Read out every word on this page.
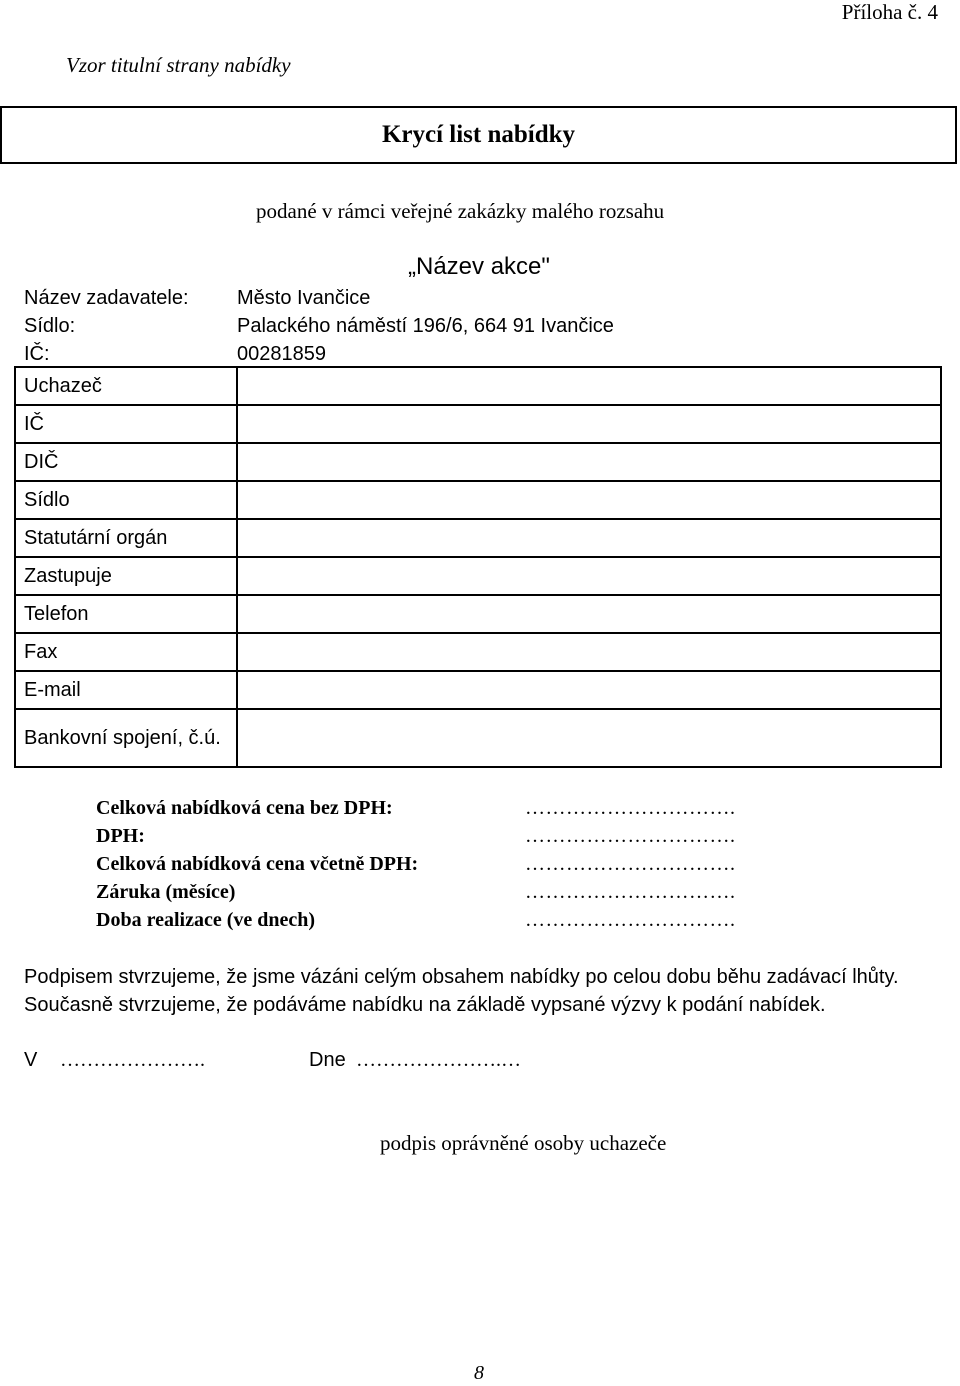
Příloha č. 4
Vzor titulní strany nabídky
Krycí list nabídky
podané v rámci veřejné zakázky malého rozsahu
„Název akce"
Název zadavatele: Město Ivančice
Sídlo:	Palackého náměstí 196/6, 664 91 Ivančice
IČ:	00281859
Uchazeč	
IČ	
DIČ	
Sídlo	
Statutární orgán	
Zastupuje	
Telefon	
Fax	
E-mail	
Bankovní spojení, č.ú.	
Celková nabídková cena bez DPH:	………………………….
DPH:	………………………….
Celková nabídková cena včetně DPH:	………………………….
Záruka (měsíce)	………………………….
Doba realizace (ve dnech)	………………………….
Podpisem stvrzujeme, že jsme vázáni celým obsahem nabídky po celou dobu běhu zadávací lhůty.
Současně stvrzujeme, že podáváme nabídku na základě vypsané výzvy k podání nabídek.
V ………………….	Dne ………………….…
podpis oprávněné osoby uchazeče
8
